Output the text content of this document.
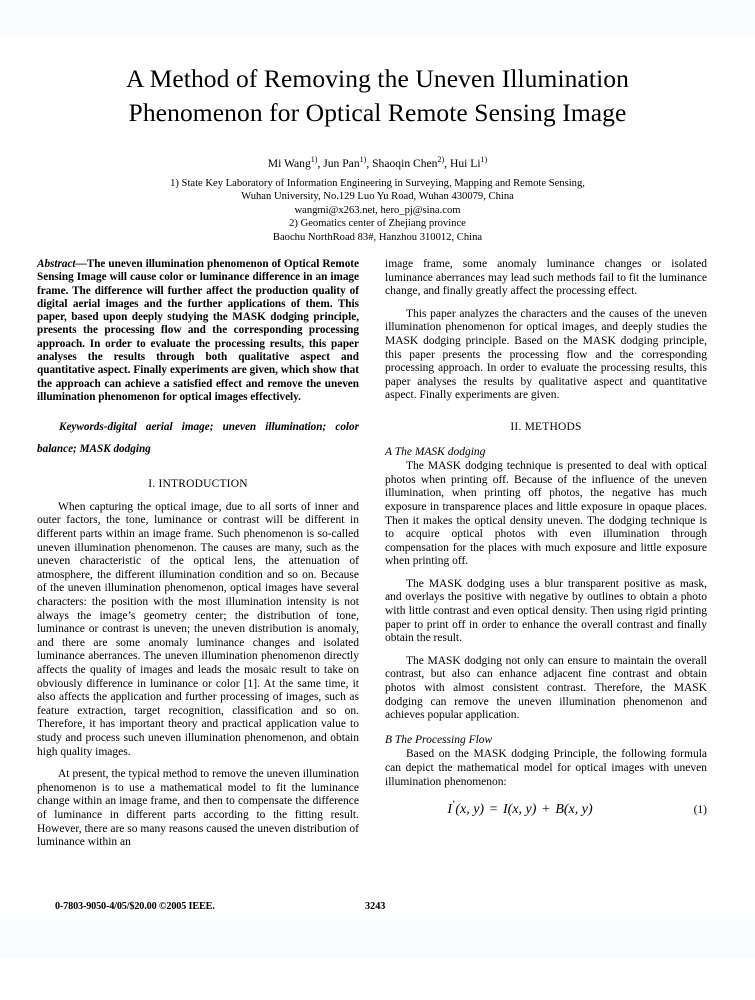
A Method of Removing the Uneven Illumination Phenomenon for Optical Remote Sensing Image
Mi Wang$^{1)}$, Jun Pan$^{1)}$, Shaoqin Chen$^{2)}$, Hui Li$^{1)}$
1) State Key Laboratory of Information Engineering in Surveying, Mapping and Remote Sensing,
Wuhan University, No.129 Luo Yu Road, Wuhan 430079, China
wangmi@x263.net, hero_pj@sina.com
2) Geomatics center of Zhejiang province
Baochu NorthRoad 83#, Hanzhou 310012, China

Abstract—The uneven illumination phenomenon of Optical Remote Sensing Image will cause color or luminance difference in an image frame. The difference will further affect the production quality of digital aerial images and the further applications of them. This paper, based upon deeply studying the MASK dodging principle, presents the processing flow and the corresponding processing approach. In order to evaluate the processing results, this paper analyses the results through both qualitative aspect and quantitative aspect. Finally experiments are given, which show that the approach can achieve a satisfied effect and remove the uneven illumination phenomenon for optical images effectively.

Keywords-digital aerial image; uneven illumination; color balance; MASK dodging

I. INTRODUCTION

When capturing the optical image, due to all sorts of inner and outer factors, the tone, luminance or contrast will be different in different parts within an image frame. Such phenomenon is so-called uneven illumination phenomenon. The causes are many, such as the uneven characteristic of the optical lens, the attenuation of atmosphere, the different illumination condition and so on. Because of the uneven illumination phenomenon, optical images have several characters: the position with the most illumination intensity is not always the image’s geometry center; the distribution of tone, luminance or contrast is uneven; the uneven distribution is anomaly, and there are some anomaly luminance changes and isolated luminance aberrances. The uneven illumination phenomenon directly affects the quality of images and leads the mosaic result to take on obviously difference in luminance or color [1]. At the same time, it also affects the application and further processing of images, such as feature extraction, target recognition, classification and so on. Therefore, it has important theory and practical application value to study and process such uneven illumination phenomenon, and obtain high quality images.

At present, the typical method to remove the uneven illumination phenomenon is to use a mathematical model to fit the luminance change within an image frame, and then to compensate the difference of luminance in different parts according to the fitting result. However, there are so many reasons caused the uneven distribution of luminance within an

image frame, some anomaly luminance changes or isolated luminance aberrances may lead such methods fail to fit the luminance change, and finally greatly affect the processing effect.

This paper analyzes the characters and the causes of the uneven illumination phenomenon for optical images, and deeply studies the MASK dodging principle. Based on the MASK dodging principle, this paper presents the processing flow and the corresponding processing approach. In order to evaluate the processing results, this paper analyses the results by qualitative aspect and quantitative aspect. Finally experiments are given.

II. METHODS
A The MASK dodging

The MASK dodging technique is presented to deal with optical photos when printing off. Because of the influence of the uneven illumination, when printing off photos, the negative has much exposure in transparence places and little exposure in opaque places. Then it makes the optical density uneven. The dodging technique is to acquire optical photos with even illumination through compensation for the places with much exposure and little exposure when printing off.

The MASK dodging uses a blur transparent positive as mask, and overlays the positive with negative by outlines to obtain a photo with little contrast and even optical density. Then using rigid printing paper to print off in order to enhance the overall contrast and finally obtain the result.

The MASK dodging not only can ensure to maintain the overall contrast, but also can enhance adjacent fine contrast and obtain photos with almost consistent contrast. Therefore, the MASK dodging can remove the uneven illumination phenomenon and achieves popular application.

B The Processing Flow

Based on the MASK dodging Principle, the following formula can depict the mathematical model for optical images with uneven illumination phenomenon:

I’(x, y) = I(x, y) + B(x, y)	(1)
0-7803-9050-4/05/$20.00 ©2005 IEEE.	3243
